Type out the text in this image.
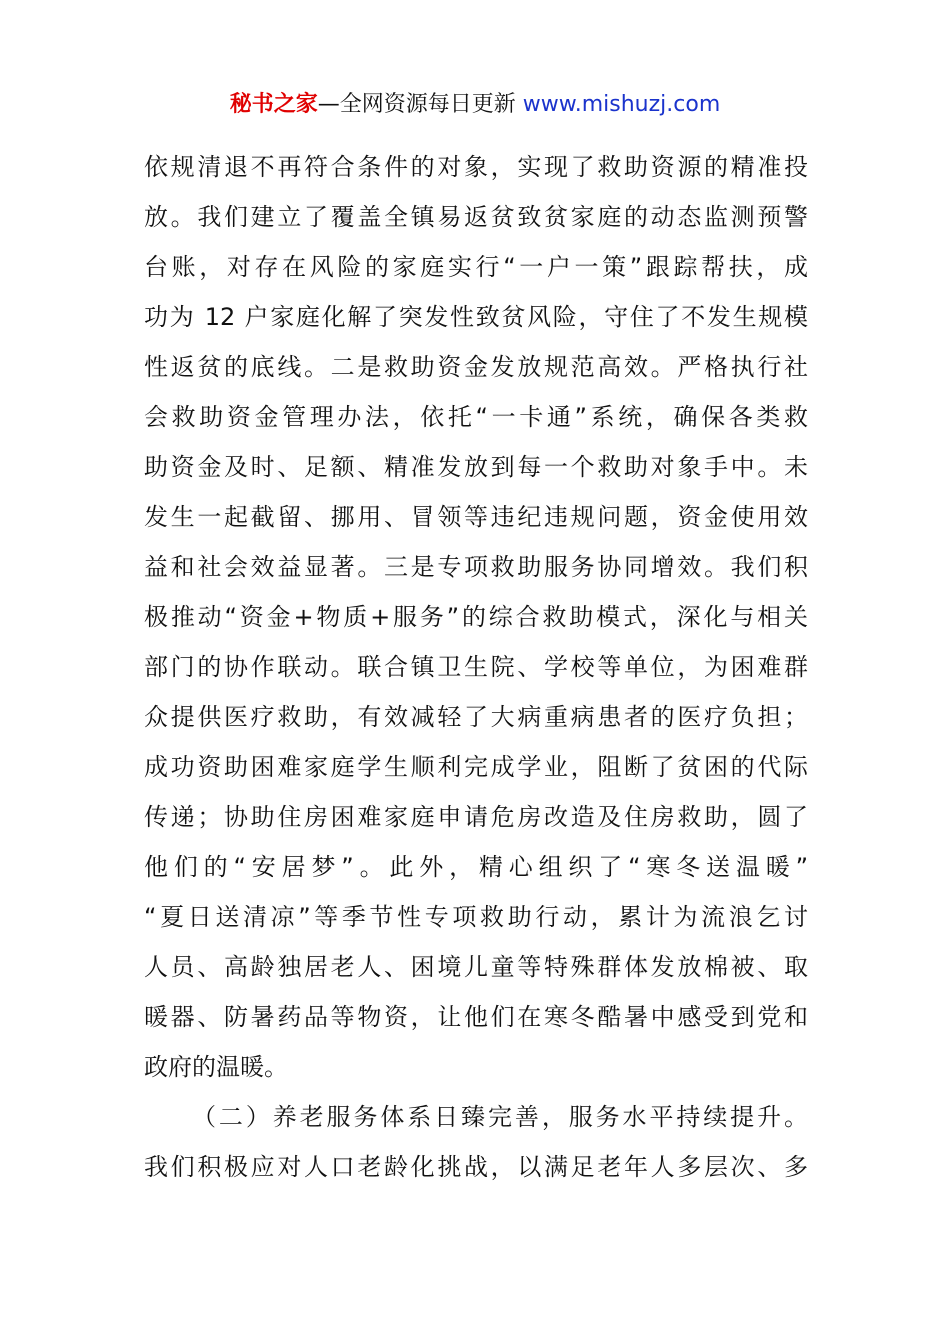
秘书之家—全网资源每日更新 www.mishuzj.com
依规清退不再符合条件的对象，实现了救助资源的精准投
放。我们建立了覆盖全镇易返贫致贫家庭的动态监测预警
台账，对存在风险的家庭实行“一户一策”跟踪帮扶，成
功为 12 户家庭化解了突发性致贫风险，守住了不发生规模
性返贫的底线。二是救助资金发放规范高效。严格执行社
会救助资金管理办法，依托“一卡通”系统，确保各类救
助资金及时、足额、精准发放到每一个救助对象手中。未
发生一起截留、挪用、冒领等违纪违规问题，资金使用效
益和社会效益显著。三是专项救助服务协同增效。我们积
极推动“资金+物质+服务”的综合救助模式，深化与相关
部门的协作联动。联合镇卫生院、学校等单位，为困难群
众提供医疗救助，有效减轻了大病重病患者的医疗负担；
成功资助困难家庭学生顺利完成学业，阻断了贫困的代际
传递；协助住房困难家庭申请危房改造及住房救助，圆了
他们的“安居梦”。此外，精心组织了“寒冬送温暖”
“夏日送清凉”等季节性专项救助行动，累计为流浪乞讨
人员、高龄独居老人、困境儿童等特殊群体发放棉被、取
暖器、防暑药品等物资，让他们在寒冬酷暑中感受到党和
政府的温暖。
（二）养老服务体系日臻完善，服务水平持续提升。
我们积极应对人口老龄化挑战，以满足老年人多层次、多
